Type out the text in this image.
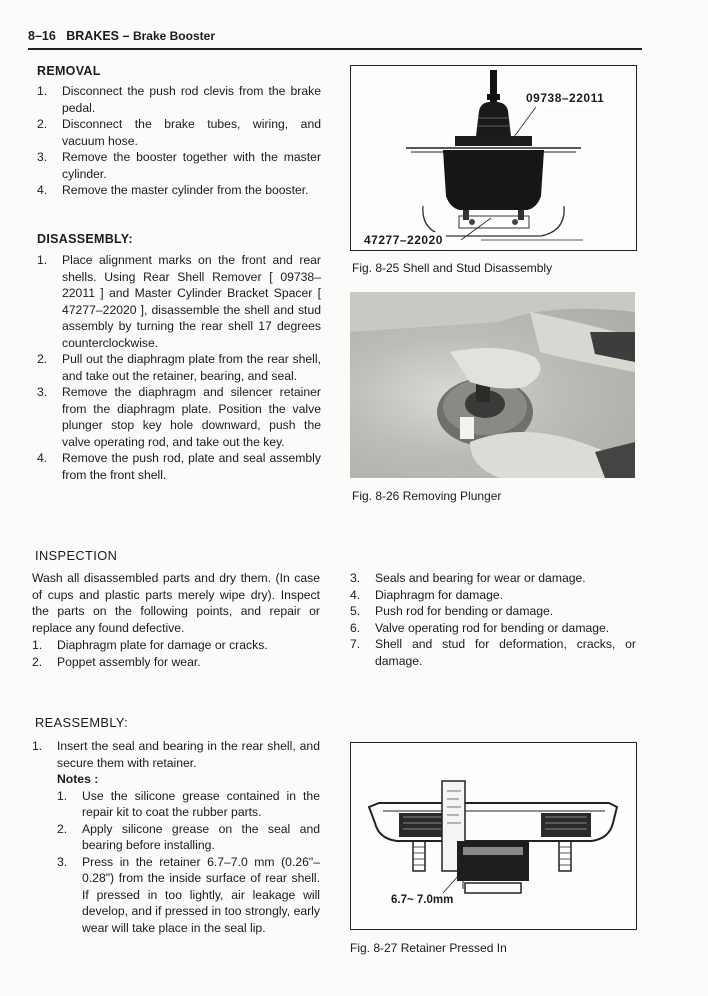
8–16 BRAKES – Brake Booster
REMOVAL
1.	Disconnect the push rod clevis from the brake pedal.
2.	Disconnect the brake tubes, wiring, and vacuum hose.
3.	Remove the booster together with the master cylinder.
4.	Remove the master cylinder from the booster.
DISASSEMBLY:
1.	Place alignment marks on the front and rear shells. Using Rear Shell Remover [ 09738–22011 ] and Master Cylinder Bracket Spacer [ 47277–22020 ], disassemble the shell and stud assembly by turning the rear shell 17 degrees counterclockwise.
2.	Pull out the diaphragm plate from the rear shell, and take out the retainer, bearing, and seal.
3.	Remove the diaphragm and silencer retainer from the diaphragm plate. Position the valve plunger stop key hole downward, push the valve operating rod, and take out the key.
4.	Remove the push rod, plate and seal assembly from the front shell.
09738–22011
47277–22020
Fig. 8-25 Shell and Stud Disassembly
Fig. 8-26 Removing Plunger
INSPECTION

Wash all disassembled parts and dry them. (In case of cups and plastic parts merely wipe dry). Inspect the parts on the following points, and repair or replace any found defective.

1.	Diaphragm plate for damage or cracks.
2.	Poppet assembly for wear.
3.	Seals and bearing for wear or damage.
4.	Diaphragm for damage.
5.	Push rod for bending or damage.
6.	Valve operating rod for bending or damage.
7.	Shell and stud for deformation, cracks, or damage.
REASSEMBLY:
1. Insert the seal and bearing in the rear shell, and secure them with retainer.
Notes :
1.	Use the silicone grease contained in the repair kit to coat the rubber parts.
2.	Apply silicone grease on the seal and bearing before installing.
3.	Press in the retainer 6.7–7.0 mm (0.26"–0.28") from the inside surface of rear shell. If pressed in too lightly, air leakage will develop, and if pressed in too strongly, early wear will take place in the seal lip.
6.7~ 7.0mm
Fig. 8-27 Retainer Pressed In
